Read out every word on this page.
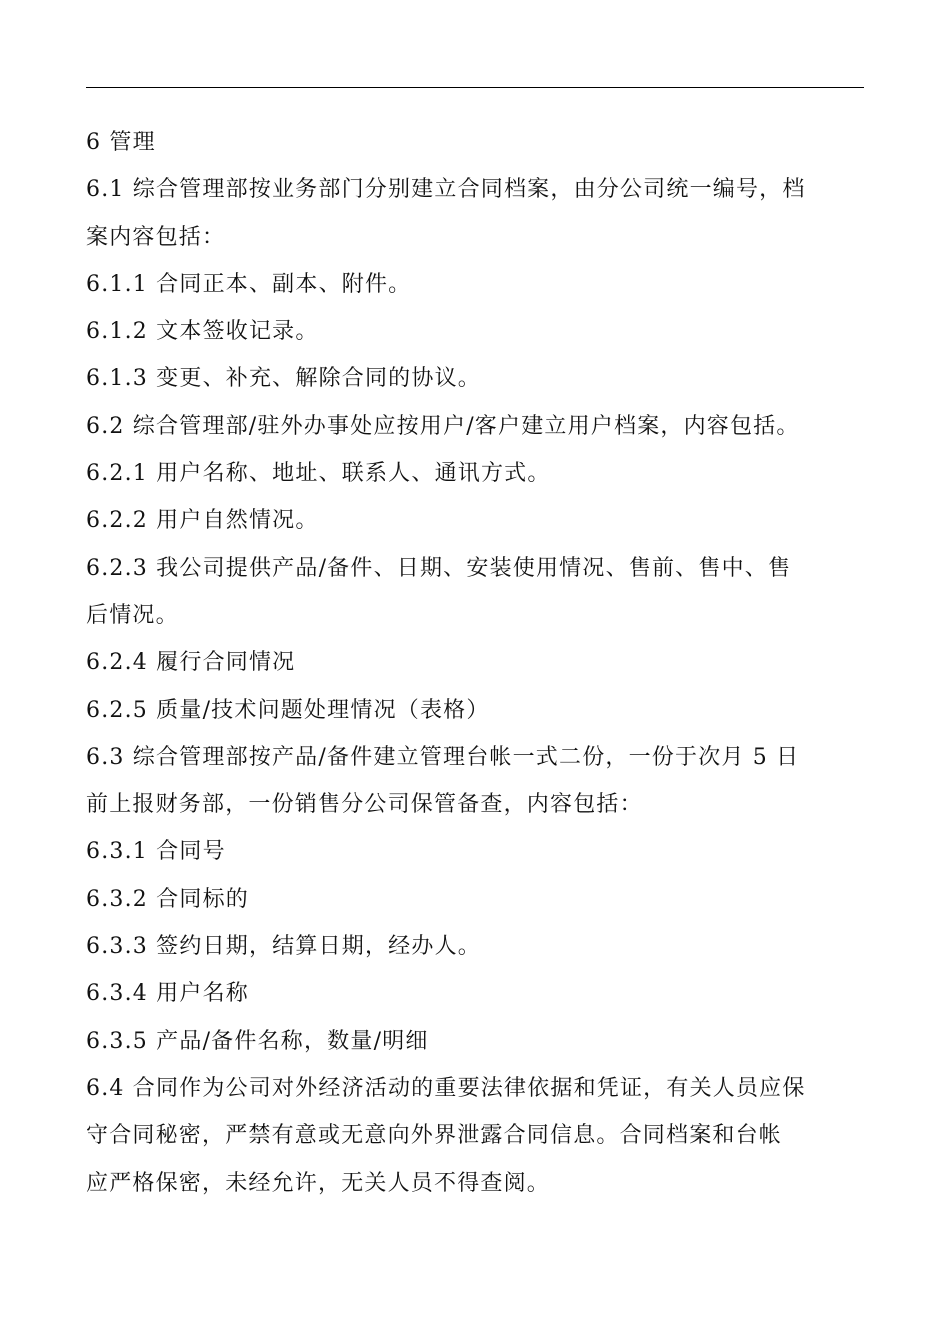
6 管理
6.1 综合管理部按业务部门分别建立合同档案，由分公司统一编号，档
案内容包括：
6.1.1 合同正本、副本、附件。
6.1.2 文本签收记录。
6.1.3 变更、补充、解除合同的协议。
6.2 综合管理部/驻外办事处应按用户/客户建立用户档案，内容包括。
6.2.1 用户名称、地址、联系人、通讯方式。
6.2.2 用户自然情况。
6.2.3 我公司提供产品/备件、日期、安装使用情况、售前、售中、售
后情况。
6.2.4 履行合同情况
6.2.5 质量/技术问题处理情况（表格）
6.3 综合管理部按产品/备件建立管理台帐一式二份，一份于次月 5 日
前上报财务部，一份销售分公司保管备查，内容包括：
6.3.1 合同号
6.3.2 合同标的
6.3.3 签约日期，结算日期，经办人。
6.3.4 用户名称
6.3.5 产品/备件名称，数量/明细
6.4 合同作为公司对外经济活动的重要法律依据和凭证，有关人员应保
守合同秘密，严禁有意或无意向外界泄露合同信息。合同档案和台帐
应严格保密，未经允许，无关人员不得查阅。
